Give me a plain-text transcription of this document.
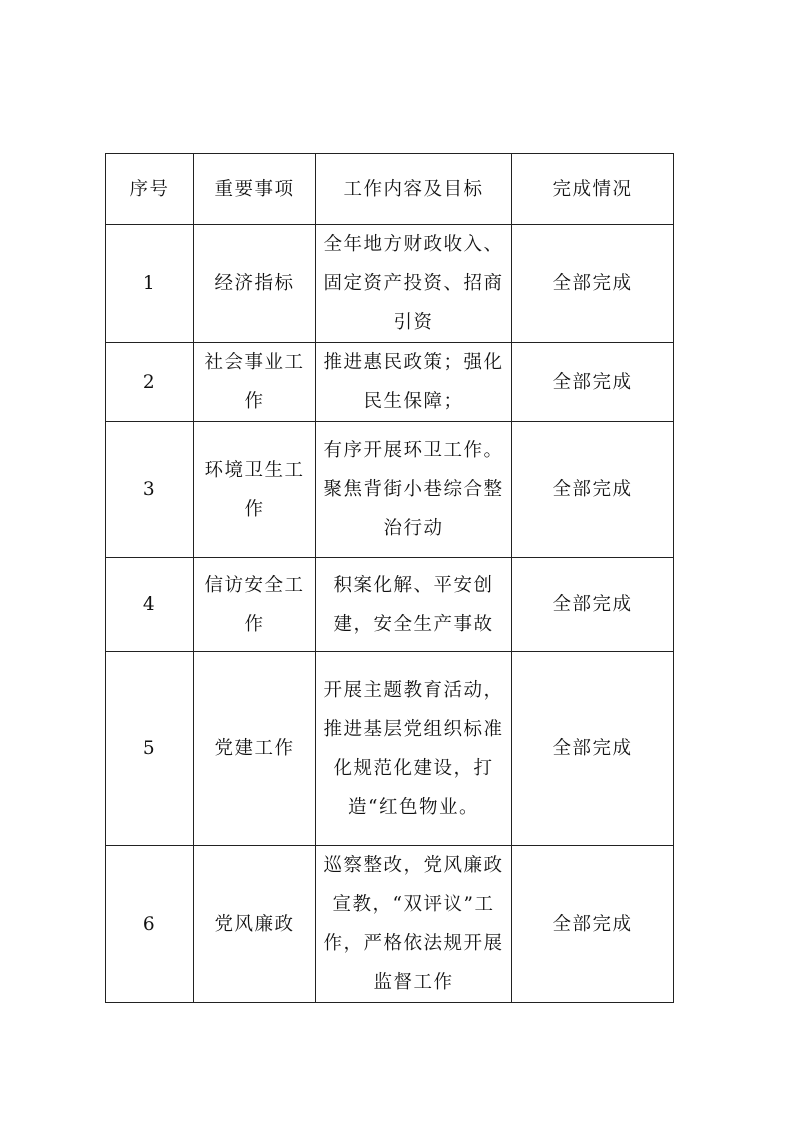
序号	重要事项	工作内容及目标	完成情况
1	经济指标	全年地方财政收入、固定资产投资、招商引资	全部完成
2	社会事业工作	推进惠民政策；强化民生保障；	全部完成
3	环境卫生工作	有序开展环卫工作。聚焦背街小巷综合整治行动	全部完成
4	信访安全工作	积案化解、平安创建，安全生产事故	全部完成
5	党建工作	开展主题教育活动，推进基层党组织标准化规范化建设，打造“红色物业。	全部完成
6	党风廉政	巡察整改，党风廉政宣教，“双评议”工作，严格依法规开展监督工作	全部完成
